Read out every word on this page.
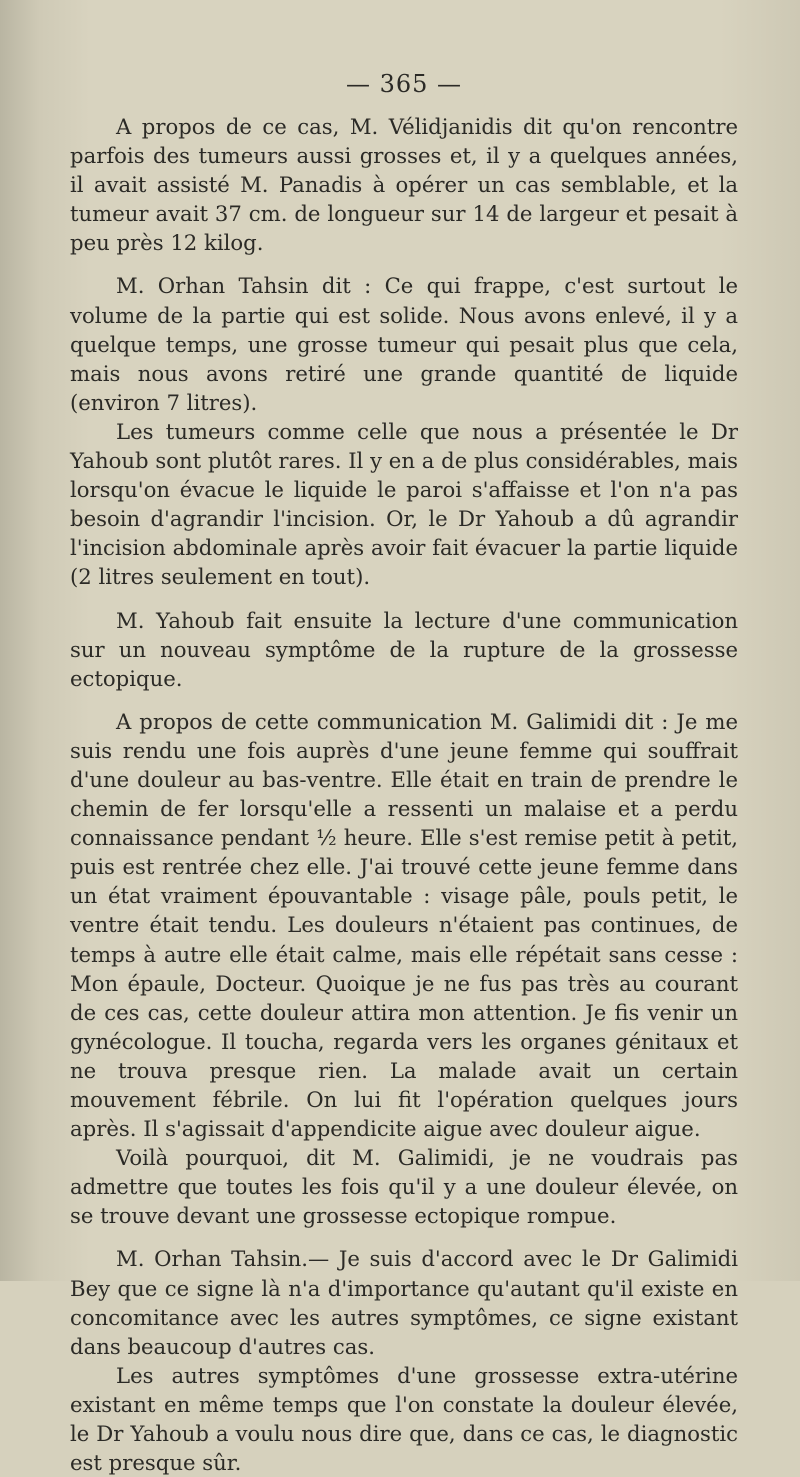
— 365 —

A propos de ce cas, M. Vélidjanidis dit qu'on rencontre parfois des tumeurs aussi grosses et, il y a quelques années, il avait assisté M. Panadis à opérer un cas semblable, et la tumeur avait 37 cm. de longueur sur 14 de largeur et pesait à peu près 12 kilog.

M. Orhan Tahsin dit : Ce qui frappe, c'est surtout le volume de la partie qui est solide. Nous avons enlevé, il y a quelque temps, une grosse tumeur qui pesait plus que cela, mais nous avons retiré une grande quantité de liquide (environ 7 litres).

Les tumeurs comme celle que nous a présentée le Dr Yahoub sont plutôt rares. Il y en a de plus considérables, mais lorsqu'on évacue le liquide le paroi s'affaisse et l'on n'a pas besoin d'agrandir l'incision. Or, le Dr Yahoub a dû agrandir l'incision abdominale après avoir fait évacuer la partie liquide (2 litres seulement en tout).

M. Yahoub fait ensuite la lecture d'une communication sur un nouveau symptôme de la rupture de la grossesse ectopique.

A propos de cette communication M. Galimidi dit : Je me suis rendu une fois auprès d'une jeune femme qui souffrait d'une douleur au bas-ventre. Elle était en train de prendre le chemin de fer lorsqu'elle a ressenti un malaise et a perdu connaissance pendant ½ heure. Elle s'est remise petit à petit, puis est rentrée chez elle. J'ai trouvé cette jeune femme dans un état vraiment épouvantable : visage pâle, pouls petit, le ventre était tendu. Les douleurs n'étaient pas continues, de temps à autre elle était calme, mais elle répétait sans cesse : Mon épaule, Docteur. Quoique je ne fus pas très au courant de ces cas, cette douleur attira mon attention. Je fis venir un gynécologue. Il toucha, regarda vers les organes génitaux et ne trouva presque rien. La malade avait un certain mouvement fébrile. On lui fit l'opération quelques jours après. Il s'agissait d'appendicite aigue avec douleur aigue.

Voilà pourquoi, dit M. Galimidi, je ne voudrais pas admettre que toutes les fois qu'il y a une douleur élevée, on se trouve devant une grossesse ectopique rompue.

M. Orhan Tahsin.— Je suis d'accord avec le Dr Galimidi Bey que ce signe là n'a d'importance qu'autant qu'il existe en concomitance avec les autres symptômes, ce signe existant dans beaucoup d'autres cas.

Les autres symptômes d'une grossesse extra-utérine existant en même temps que l'on constate la douleur élevée, le Dr Yahoub a voulu nous dire que, dans ce cas, le diagnostic est presque sûr.
